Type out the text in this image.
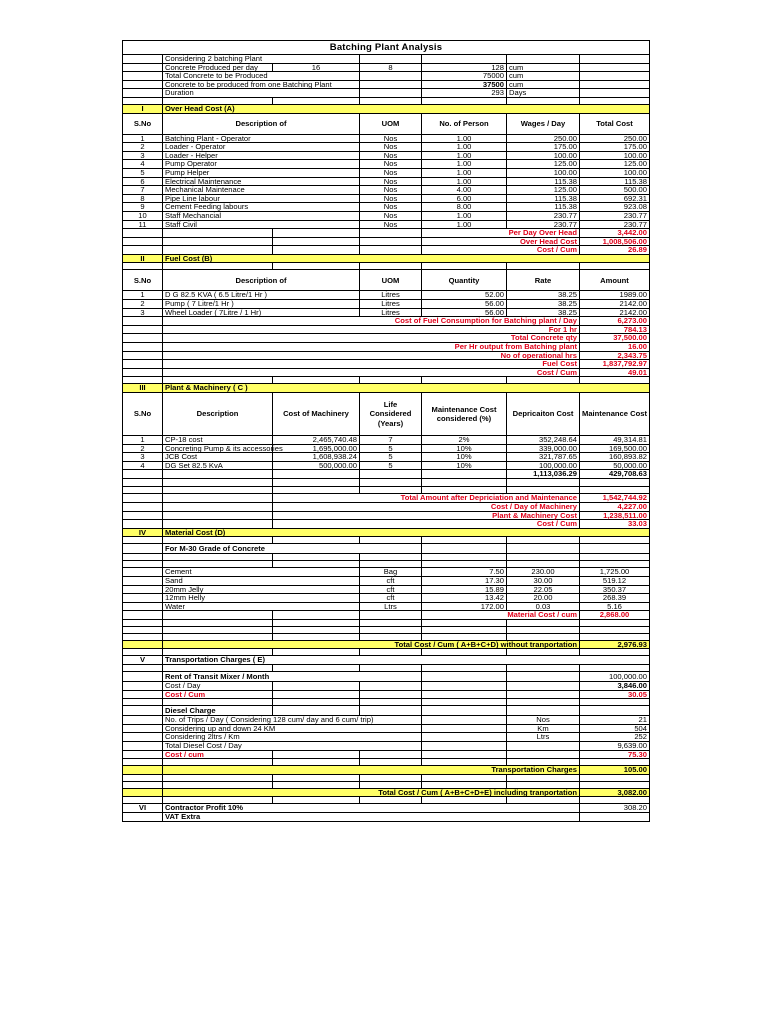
Batching Plant Analysis						
	Considering 2 batching Plant					
	Concrete Produced per day	16	8	128	cum	
	Total Concrete to be Produced			75000	cum	
	Concrete to be produced from one Batching Plant			37500	cum	
	Duration			293	Days	

I	Over Head Cost (A)					
S.No	Description of		UOM	No. of Person	Wages / Day	Total Cost
1	Batching Plant - Operator		Nos	1.00	250.00	250.00
2	Loader - Operator		Nos	1.00	175.00	175.00
3	Loader - Helper		Nos	1.00	100.00	100.00
4	Pump Operator		Nos	1.00	125.00	125.00
5	Pump Helper		Nos	1.00	100.00	100.00
6	Electrical Maintenance		Nos	1.00	115.38	115.38
7	Mechanical Maintenace		Nos	4.00	125.00	500.00
8	Pipe Line labour		Nos	6.00	115.38	692.31
9	Cement Feeding labours		Nos	8.00	115.38	923.08
10	Staff Mechancial		Nos	1.00	230.77	230.77
11	Staff Civil		Nos	1.00	230.77	230.77
				Per Day Over Head		3,442.00
				Over Head Cost		1,008,506.00
				Cost / Cum		26.89
II	Fuel Cost (B)					

S.No	Description of		UOM	Quantity	Rate	Amount
1	D G 82.5 KVA ( 6.5 Litre/1 Hr )		Litres	52.00	38.25	1989.00
2	Pump ( 7 Litre/1 Hr )		Litres	56.00	38.25	2142.00
3	Wheel Loader ( 7Litre / 1 Hr)		Litres	56.00	38.25	2142.00
	Cost of Fuel Consumption for Batching plant / Day					6,273.00
	For 1 hr					784.13
	Total Concrete qty					37,500.00
	Per Hr output from Batching plant					16.00
	No of operational hrs					2,343.75
	Fuel Cost					1,837,792.97
	Cost / Cum					49.01

III	Plant & Machinery ( C )					
S.No	Description	Cost of Machinery	Life Considered (Years)	Maintenance Cost considered (%)	Depricaiton Cost	Maintenance Cost
1	CP-18 cost	2,465,740.48	7	2%	352,248.64	49,314.81
2	Concreting Pump & its accessories	1,695,000.00	5	10%	339,000.00	169,500.00
3	JCB Cost	1,608,938.24	5	10%	321,787.65	160,893.82
4	DG Set 82.5 KvA	500,000.00	5	10%	100,000.00	50,000.00
					1,113,036.29	429,708.63

		Total Amount after Depriciation and Maintenance				1,542,744.92
		Cost / Day of Machinery				4,227.00
		Plant & Machinery Cost				1,238,511.00
		Cost / Cum				33.03
IV	Material Cost (D)					

	For M-30 Grade of Concrete					

	Cement		Bag	7.50	230.00	1,725.00
	Sand		cft	17.30	30.00	519.12
	20mm Jelly		cft	15.89	22.05	350.37
	12mm Helly		cft	13.42	20.00	268.39
	Water		Ltrs	172.00	0.03	5.16
				Material Cost / cum		2,868.00

	Total Cost / Cum ( A+B+C+D) without tranportation					2,976.93

V	Transportation Charges ( E)					

	Rent of Transit Mixer / Month					100,000.00
	Cost / Day					3,846.00
	Cost / Cum					30.05

	Diesel Charge					
	No. of Trips / Day ( Considering 128 cum/ day and 6 cum/ trip)				Nos	21
	Considering up and down 24 KM				Km	504
	Considering 2ltrs / Km				Ltrs	252
	Total Diesel Cost / Day					9,639.00
	Cost / cum					75.30

	Transportation Charges					105.00

	Total Cost / Cum ( A+B+C+D+E) including tranportation					3,082.00

VI	Contractor Profit 10%					308.20
	VAT Extra					
